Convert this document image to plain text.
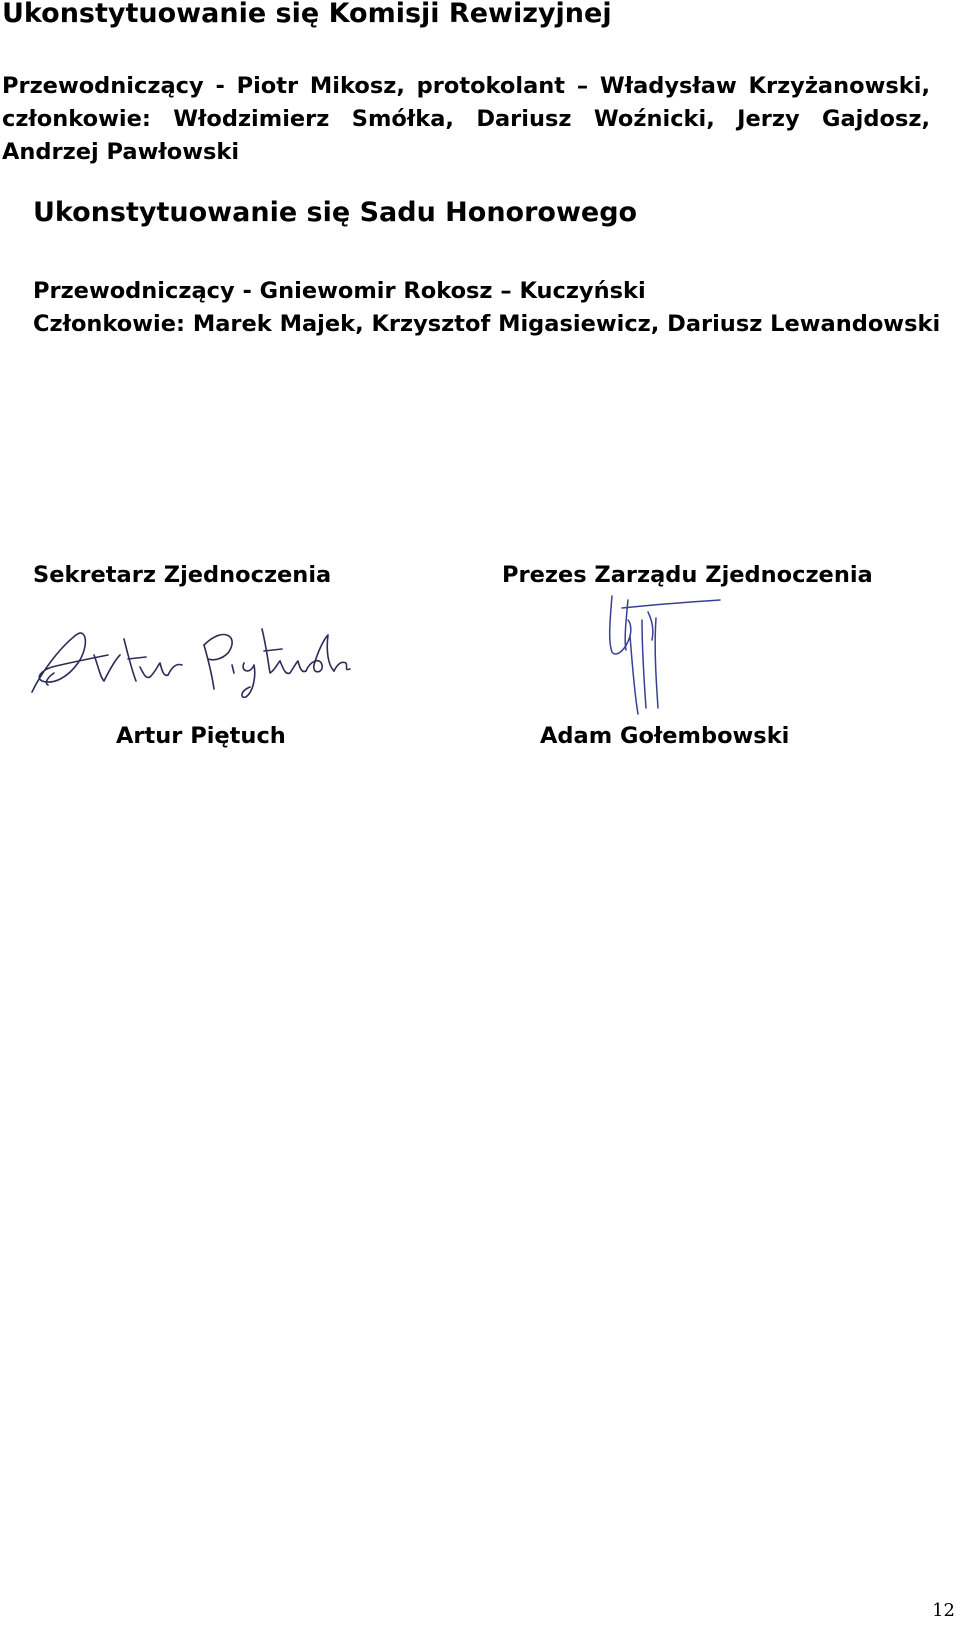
Ukonstytuowanie się Komisji Rewizyjnej
Przewodniczący - Piotr Mikosz, protokolant – Władysław Krzyżanowski, członkowie: Włodzimierz Smółka, Dariusz Woźnicki, Jerzy Gajdosz, Andrzej Pawłowski
Ukonstytuowanie się Sadu Honorowego
Przewodniczący - Gniewomir Rokosz – Kuczyński
Członkowie: Marek Majek, Krzysztof Migasiewicz, Dariusz Lewandowski
Sekretarz Zjednoczenia	Prezes Zarządu Zjednoczenia
Artur Piętuch	Adam Gołembowski
12
